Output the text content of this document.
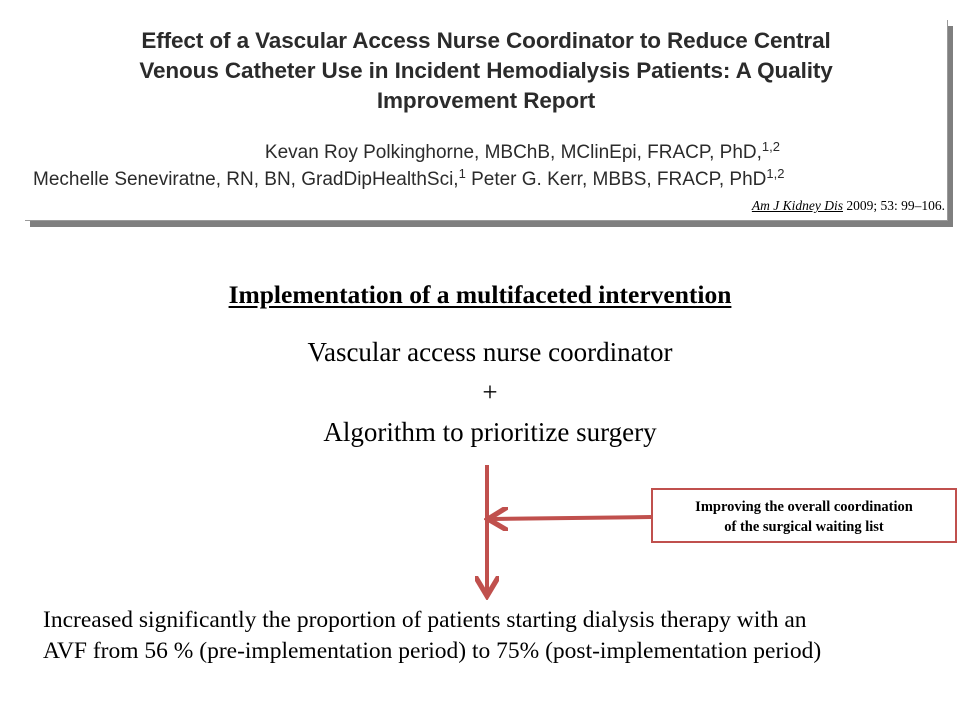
Effect of a Vascular Access Nurse Coordinator to Reduce Central
Venous Catheter Use in Incident Hemodialysis Patients: A Quality
Improvement Report
Kevan Roy Polkinghorne, MBChB, MClinEpi, FRACP, PhD,$^{1,2}$
Mechelle Seneviratne, RN, BN, GradDipHealthSci,$^1$ Peter G. Kerr, MBBS, FRACP, PhD$^{1,2}$
Am J Kidney Dis 2009; 53: 99–106.
Implementation of a multifaceted intervention
Vascular access nurse coordinator
+
Algorithm to prioritize surgery
Improving the overall coordination
of the surgical waiting list
Increased significantly the proportion of patients starting dialysis therapy with an
AVF from 56 % (pre-implementation period) to 75% (post-implementation period)
